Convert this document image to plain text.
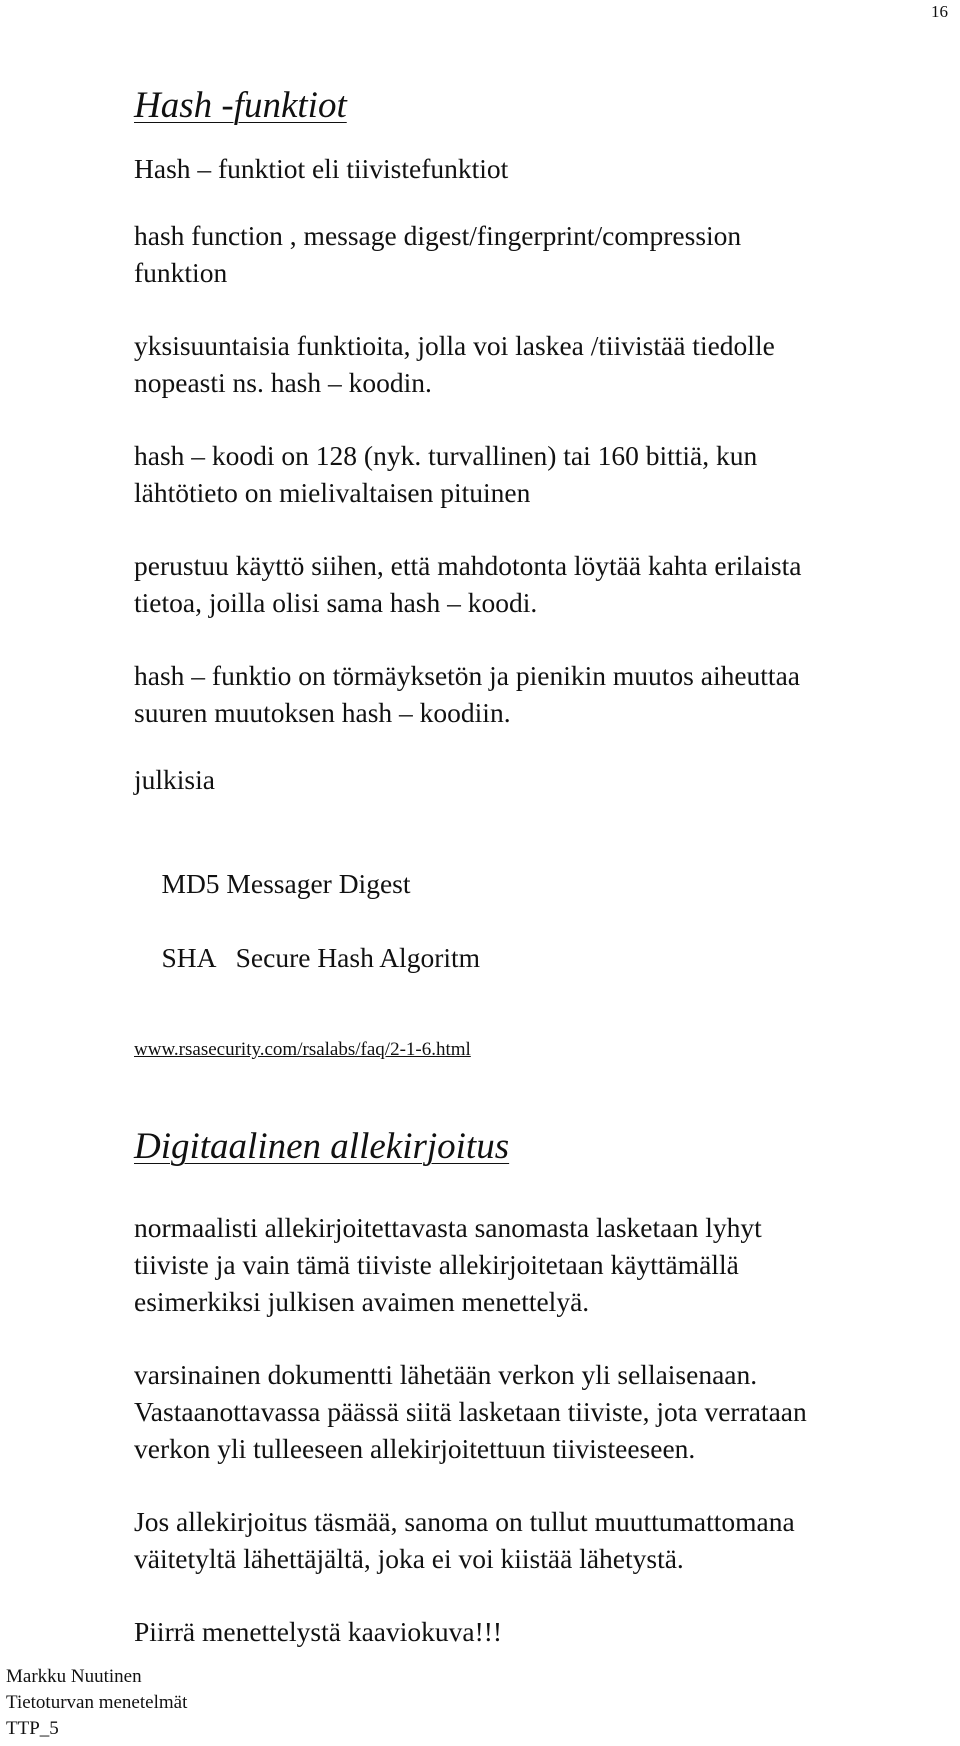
16
Hash -funktiot

Hash – funktiot eli tiivistefunktiot

hash function , message digest/fingerprint/compression
funktion

yksisuuntaisia funktioita, jolla voi laskea /tiivistää tiedolle
nopeasti ns. hash – koodin.

hash – koodi on 128 (nyk. turvallinen) tai 160 bittiä, kun
lähtötieto on mielivaltaisen pituinen

perustuu käyttö siihen, että mahdotonta löytää kahta erilaista
tietoa, joilla olisi sama hash – koodi.

hash – funktio on törmäyksetön ja pienikin muutos aiheuttaa
suuren muutoksen hash – koodiin.

julkisia

MD5 Messager Digest

SHA   Secure Hash Algoritm

www.rsasecurity.com/rsalabs/faq/2-1-6.html
Digitaalinen allekirjoitus

normaalisti allekirjoitettavasta sanomasta lasketaan lyhyt
tiiviste ja vain tämä tiiviste allekirjoitetaan käyttämällä
esimerkiksi julkisen avaimen menettelyä.

varsinainen dokumentti lähetään verkon yli sellaisenaan.
Vastaanottavassa päässä siitä lasketaan tiiviste, jota verrataan
verkon yli tulleeseen allekirjoitettuun tiivisteeseen.

Jos allekirjoitus täsmää, sanoma on tullut muuttumattomana
väitetyltä lähettäjältä, joka ei voi kiistää lähetystä.

Piirrä menettelystä kaaviokuva!!!

Markku Nuutinen
Tietoturvan menetelmät
TTP_5
